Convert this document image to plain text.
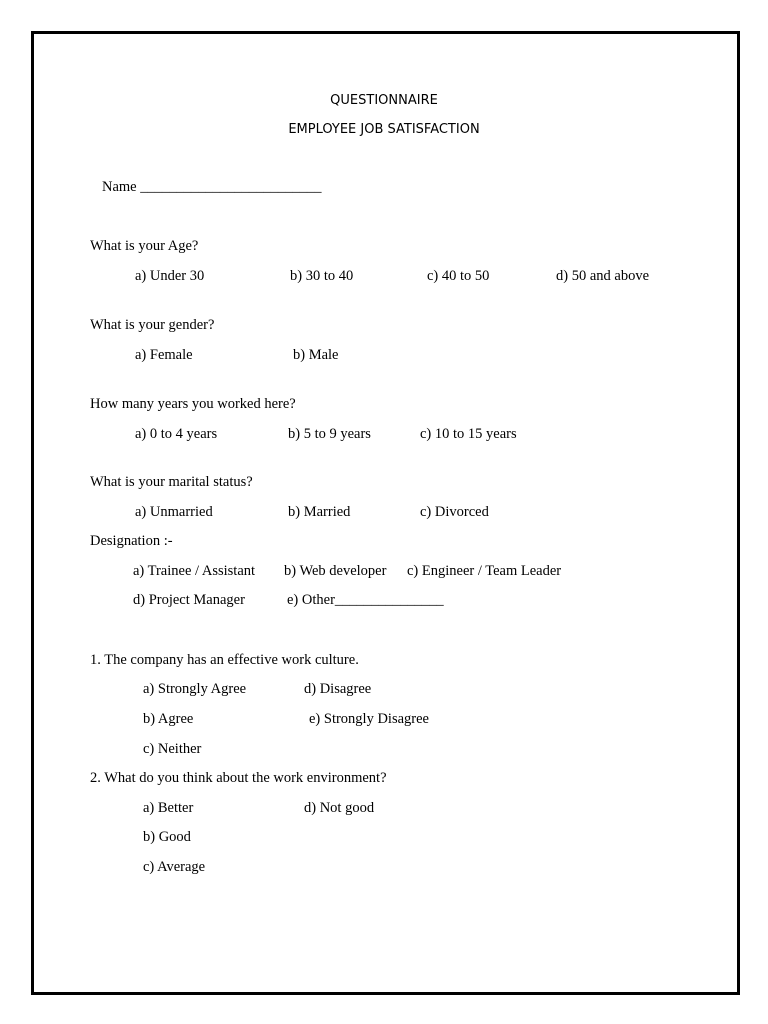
QUESTIONNAIRE
EMPLOYEE JOB SATISFACTION
Name _________________________
What is your Age?
a) Under 30	b) 30 to 40	c) 40 to 50	d) 50 and above
What is your gender?
a) Female	b) Male
How many years you worked here?
a) 0 to 4 years	b) 5 to 9 years	c) 10 to 15 years
What is your marital status?
a) Unmarried	b) Married	c) Divorced
Designation :-
a) Trainee / Assistant b) Web developer c) Engineer / Team Leader
d) Project Manager	e) Other_______________
1. The company has an effective work culture.
a) Strongly Agree	d) Disagree
b) Agree	e) Strongly Disagree
c) Neither
2. What do you think about the work environment?
a) Better	d) Not good
b) Good
c) Average
